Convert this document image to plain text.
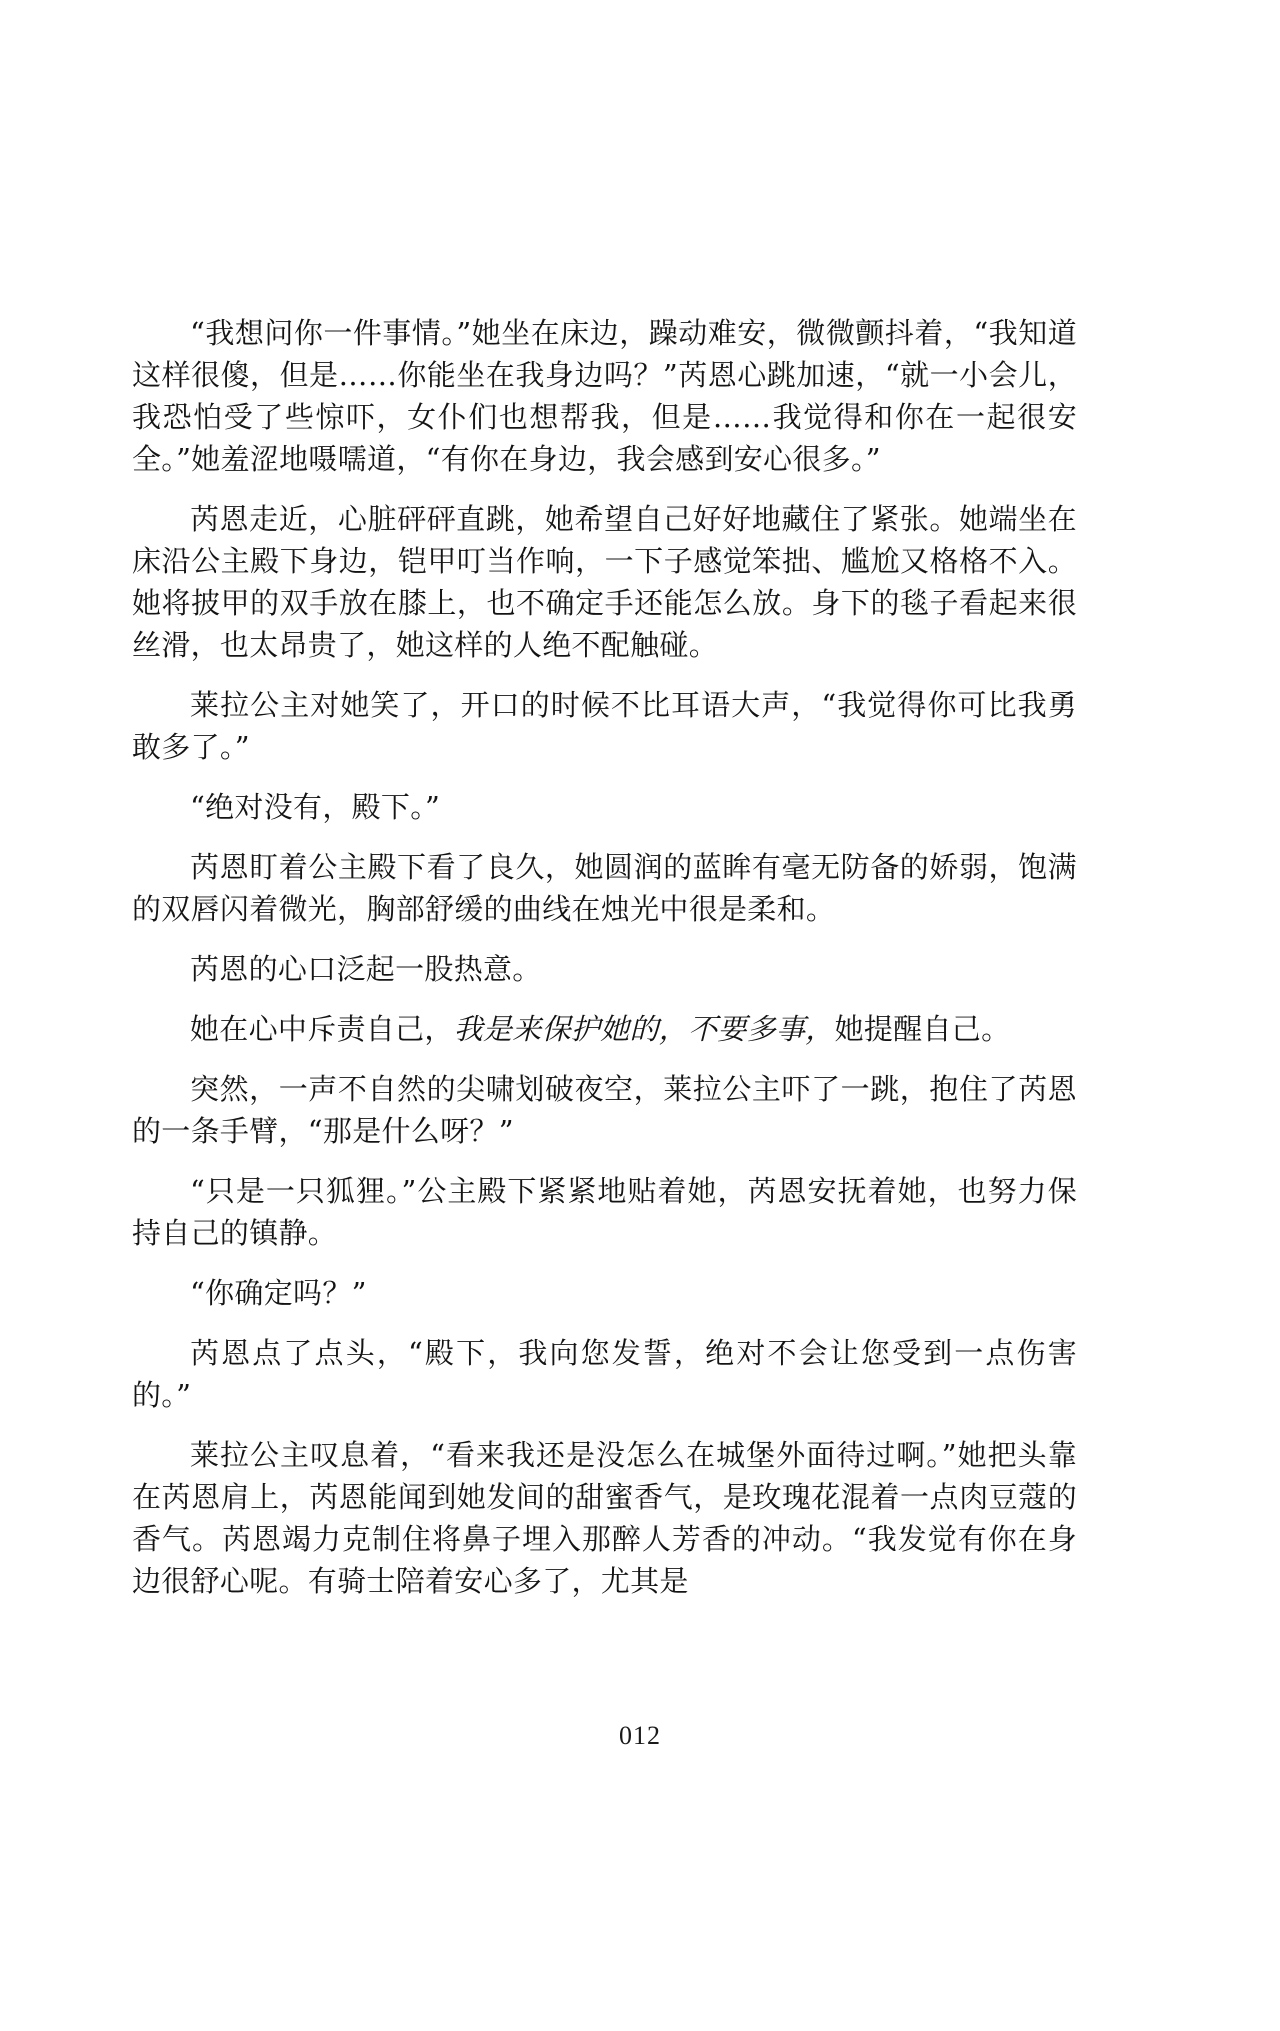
“我想问你一件事情。”她坐在床边，躁动难安，微微颤抖着，“我知道这样很傻，但是……你能坐在我身边吗？”芮恩心跳加速，“就一小会儿，我恐怕受了些惊吓，女仆们也想帮我，但是……我觉得和你在一起很安全。”她羞涩地嗫嚅道，“有你在身边，我会感到安心很多。”

芮恩走近，心脏砰砰直跳，她希望自己好好地藏住了紧张。她端坐在床沿公主殿下身边，铠甲叮当作响，一下子感觉笨拙、尴尬又格格不入。她将披甲的双手放在膝上，也不确定手还能怎么放。身下的毯子看起来很丝滑，也太昂贵了，她这样的人绝不配触碰。

莱拉公主对她笑了，开口的时候不比耳语大声，“我觉得你可比我勇敢多了。”

“绝对没有，殿下。”

芮恩盯着公主殿下看了良久，她圆润的蓝眸有毫无防备的娇弱，饱满的双唇闪着微光，胸部舒缓的曲线在烛光中很是柔和。

芮恩的心口泛起一股热意。

她在心中斥责自己，我是来保护她的，不要多事，她提醒自己。

突然，一声不自然的尖啸划破夜空，莱拉公主吓了一跳，抱住了芮恩的一条手臂，“那是什么呀？”

“只是一只狐狸。”公主殿下紧紧地贴着她，芮恩安抚着她，也努力保持自己的镇静。

“你确定吗？”

芮恩点了点头，“殿下，我向您发誓，绝对不会让您受到一点伤害的。”

莱拉公主叹息着，“看来我还是没怎么在城堡外面待过啊。”她把头靠在芮恩肩上，芮恩能闻到她发间的甜蜜香气，是玫瑰花混着一点肉豆蔻的香气。芮恩竭力克制住将鼻子埋入那醉人芳香的冲动。“我发觉有你在身边很舒心呢。有骑士陪着安心多了，尤其是

012
